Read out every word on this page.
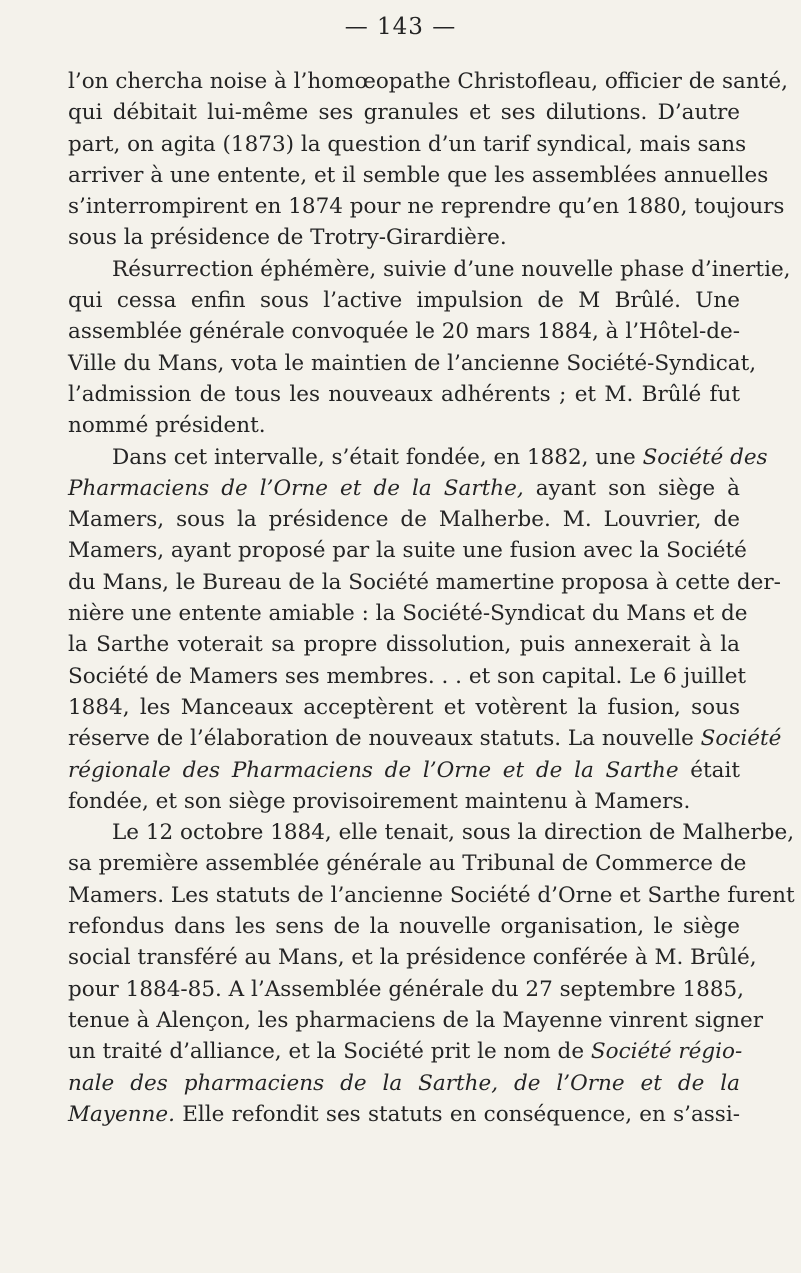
— 143 —
l’on chercha noise à l’homœopathe Christofleau, officier de santé,
qui débitait lui-même ses granules et ses dilutions. D’autre
part, on agita (1873) la question d’un tarif syndical, mais sans
arriver à une entente, et il semble que les assemblées annuelles
s’interrompirent en 1874 pour ne reprendre qu’en 1880, toujours
sous la présidence de Trotry-Girardière.
Résurrection éphémère, suivie d’une nouvelle phase d’inertie,
qui cessa enfin sous l’active impulsion de M Brûlé. Une
assemblée générale convoquée le 20 mars 1884, à l’Hôtel-de-
Ville du Mans, vota le maintien de l’ancienne Société-Syndicat,
l’admission de tous les nouveaux adhérents ; et M. Brûlé fut
nommé président.
Dans cet intervalle, s’était fondée, en 1882, une Société des
Pharmaciens de l’Orne et de la Sarthe, ayant son siège à
Mamers, sous la présidence de Malherbe. M. Louvrier, de
Mamers, ayant proposé par la suite une fusion avec la Société
du Mans, le Bureau de la Société mamertine proposa à cette der-
nière une entente amiable : la Société-Syndicat du Mans et de
la Sarthe voterait sa propre dissolution, puis annexerait à la
Société de Mamers ses membres. . . et son capital. Le 6 juillet
1884, les Manceaux acceptèrent et votèrent la fusion, sous
réserve de l’élaboration de nouveaux statuts. La nouvelle Société
régionale des Pharmaciens de l’Orne et de la Sarthe était
fondée, et son siège provisoirement maintenu à Mamers.
Le 12 octobre 1884, elle tenait, sous la direction de Malherbe,
sa première assemblée générale au Tribunal de Commerce de
Mamers. Les statuts de l’ancienne Société d’Orne et Sarthe furent
refondus dans les sens de la nouvelle organisation, le siège
social transféré au Mans, et la présidence conférée à M. Brûlé,
pour 1884-85. A l’Assemblée générale du 27 septembre 1885,
tenue à Alençon, les pharmaciens de la Mayenne vinrent signer
un traité d’alliance, et la Société prit le nom de Société régio-
nale des pharmaciens de la Sarthe, de l’Orne et de la
Mayenne. Elle refondit ses statuts en conséquence, en s’assi-
